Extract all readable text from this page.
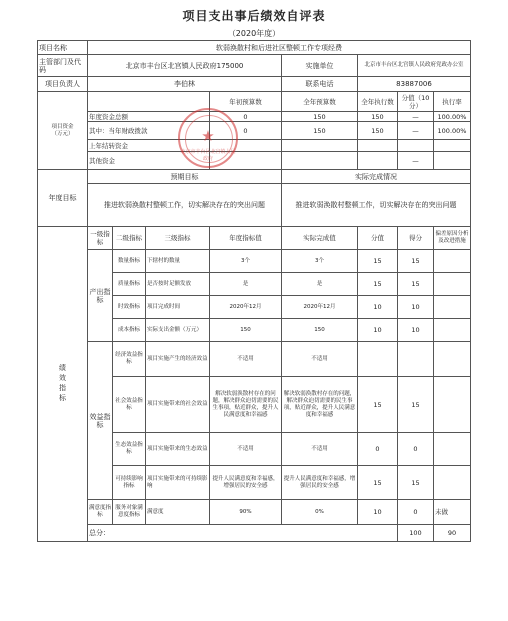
项目支出事后绩效自评表
（2020年度）
项目名称	软弱涣散村和后进社区整顿工作专项经费								
主管部门及代码	北京市丰台区北宫镇人民政府175000				实施单位	北京市丰台区北宫镇人民政府党政办公室			
项目负责人	李伯林				联系电话	83887006			
项目资金
（万元）				年初预算数	全年预算数	全年执行数	分值（10分）	执行率	
	年度资金总额			0	150	150	—	100.00%	
	其中：当年财政拨款			0	150	150	—	100.00%	
	上年结转资金								
	其他资金						—		
年度目标	预期目标				实际完成情况				
	推进软弱涣散村整顿工作，切实解决存在的突出问题				推进软弱涣散村整顿工作，切实解决存在的突出问题				
绩效指标	一级指标	二级指标	三级指标	年度指标值	实际完成值	分值	得分	偏差原因分析及改进措施	
	产出指标	数量指标	下辖村的数量	3个	3个	15	15		
		质量指标	是否按时足额发放	是	是	15	15		
		时效指标	项目完成时间	2020年12月	2020年12月	10	10		
		成本指标	实际支出金额（万元）	150	150	10	10		
	效益指标	经济效益指标	项目实施产生的经济效益	不适用	不适用				
		社会效益指标	项目实施带来的社会效益	解决软弱涣散村存在的问题，解决群众迫切需要的民生事项，贴近群众，提升人民满意度和幸福感	解决软弱涣散村存在的问题，解决群众迫切需要的民生事项，贴近群众，提升人民满意度和幸福感	15	15		
		生态效益指标	项目实施带来的生态效益	不适用	不适用	0	0		
		可持续影响指标	项目实施带来的可持续影响	提升人民满意度和幸福感，增强居民的安全感	提升人民满意度和幸福感，增强居民的安全感	15	15		
	满意度指标	服务对象满意度指标	满意度	90%	0%	10	0	未做	
	总分：						100	90	
★
北京市丰台区北宫镇人民政府
